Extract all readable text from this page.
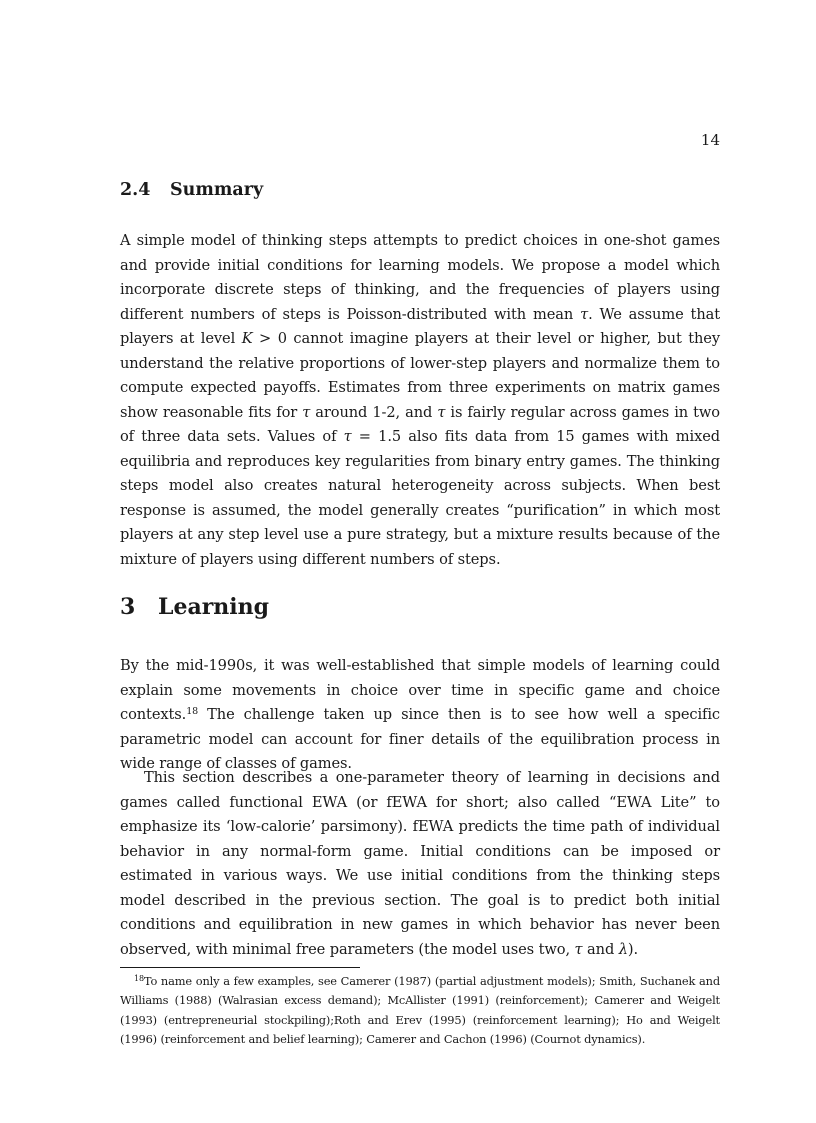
14
2.4 Summary

A simple model of thinking steps attempts to predict choices in one-shot games and provide initial conditions for learning models. We propose a model which incorporate discrete steps of thinking, and the frequencies of players using different numbers of steps is Poisson-distributed with mean τ. We assume that players at level K > 0 cannot imagine players at their level or higher, but they understand the relative proportions of lower-step players and normalize them to compute expected payoffs. Estimates from three experiments on matrix games show reasonable fits for τ around 1-2, and τ is fairly regular across games in two of three data sets. Values of τ = 1.5 also fits data from 15 games with mixed equilibria and reproduces key regularities from binary entry games. The thinking steps model also creates natural heterogeneity across subjects. When best response is assumed, the model generally creates “purification” in which most players at any step level use a pure strategy, but a mixture results because of the mixture of players using different numbers of steps.

3 Learning

By the mid-1990s, it was well-established that simple models of learning could explain some movements in choice over time in specific game and choice contexts.$^{18}$ The challenge taken up since then is to see how well a specific parametric model can account for finer details of the equilibration process in wide range of classes of games.

This section describes a one-parameter theory of learning in decisions and games called functional EWA (or fEWA for short; also called “EWA Lite” to emphasize its ‘low-calorie’ parsimony). fEWA predicts the time path of individual behavior in any normal-form game. Initial conditions can be imposed or estimated in various ways. We use initial conditions from the thinking steps model described in the previous section. The goal is to predict both initial conditions and equilibration in new games in which behavior has never been observed, with minimal free parameters (the model uses two, τ and λ).

$^{18}$To name only a few examples, see Camerer (1987) (partial adjustment models); Smith, Suchanek and Williams (1988) (Walrasian excess demand); McAllister (1991) (reinforcement); Camerer and Weigelt (1993) (entrepreneurial stockpiling);Roth and Erev (1995) (reinforcement learning); Ho and Weigelt (1996) (reinforcement and belief learning); Camerer and Cachon (1996) (Cournot dynamics).
